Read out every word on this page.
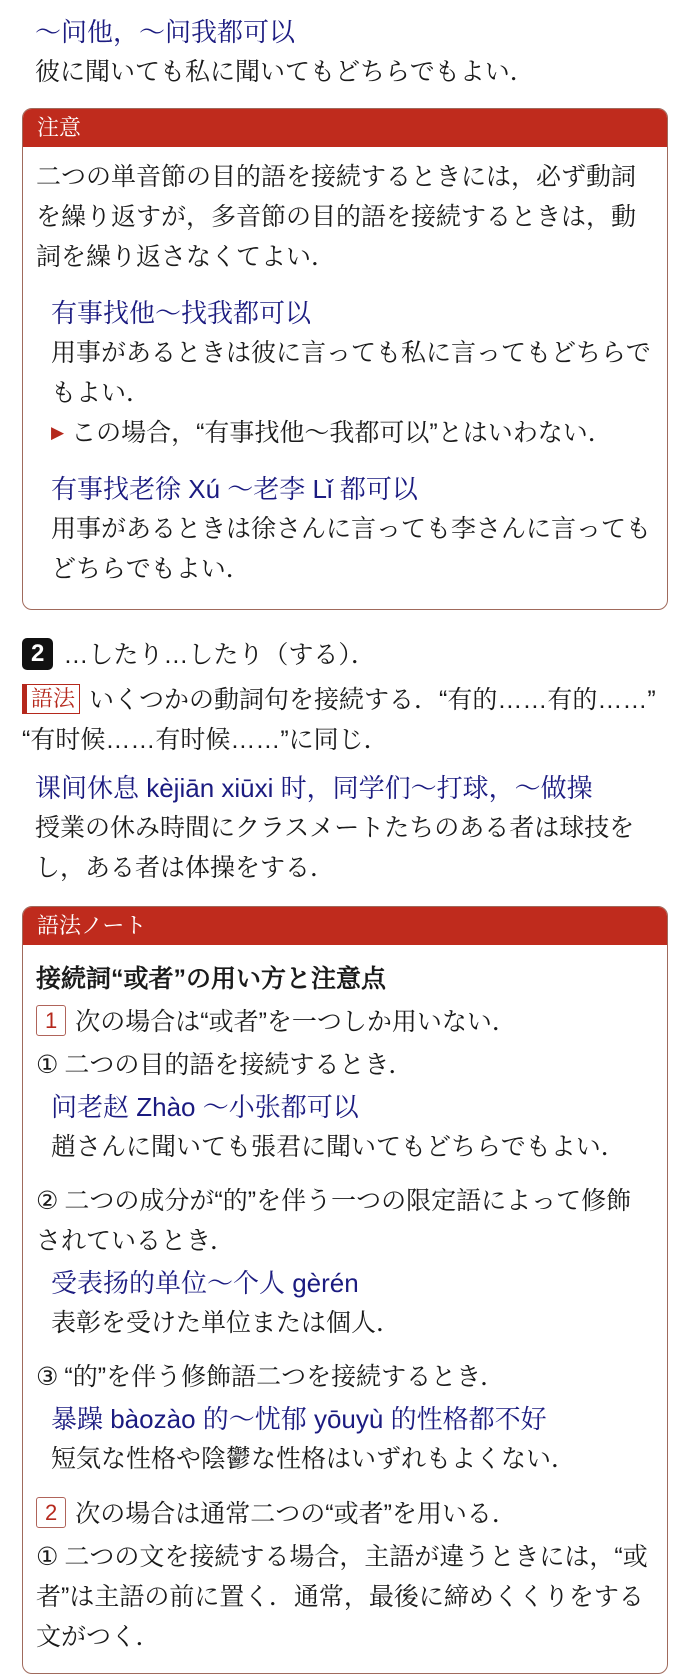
～问他，～问我都可以
彼に聞いても私に聞いてもどちらでもよい．
注意
二つの単音節の目的語を接続するときには，必ず動詞を繰り返すが，多音節の目的語を接続するときは，動詞を繰り返さなくてよい．
有事找他～找我都可以
用事があるときは彼に言っても私に言ってもどちらでもよい．
▶ この場合，“有事找他～我都可以”とはいわない．
有事找老徐 Xú ～老李 Lǐ 都可以
用事があるときは徐さんに言っても李さんに言ってもどちらでもよい．
2 …したり…したり（する）．
語法 いくつかの動詞句を接続する．“有的……有的……” “有时候……有时候……”に同じ．
课间休息 kèjiān xiūxi 时，同学们～打球，～做操
授業の休み時間にクラスメートたちのある者は球技をし，ある者は体操をする．
語法ノート
接続詞“或者”の用い方と注意点
1 次の場合は“或者”を一つしか用いない．
① 二つの目的語を接続するとき．
问老赵 Zhào ～小张都可以
趙さんに聞いても張君に聞いてもどちらでもよい．
② 二つの成分が“的”を伴う一つの限定語によって修飾されているとき．
受表扬的单位～个人 gèrén
表彰を受けた単位または個人．
③ “的”を伴う修飾語二つを接続するとき．
暴躁 bàozào 的～忧郁 yōuyù 的性格都不好
短気な性格や陰鬱な性格はいずれもよくない．
2 次の場合は通常二つの“或者”を用いる．
① 二つの文を接続する場合，主語が違うときには，“或者”は主語の前に置く．通常，最後に締めくくりをする文がつく．
